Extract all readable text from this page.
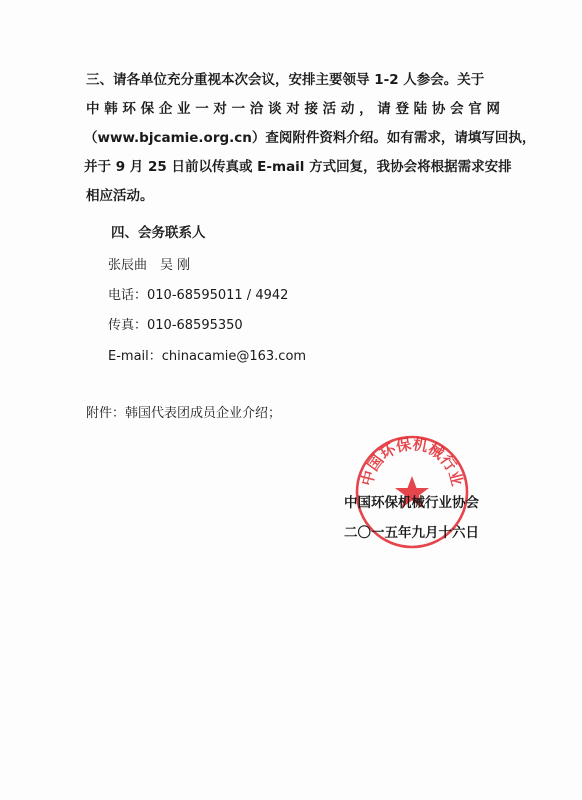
三、请各单位充分重视本次会议，安排主要领导 1-2 人参会。关于
中韩环保企业一对一洽谈对接活动，请登陆协会官网
（www.bjcamie.org.cn）查阅附件资料介绍。如有需求，请填写回执，
并于 9 月 25 日前以传真或 E-mail 方式回复，我协会将根据需求安排
相应活动。
四、会务联系人
张辰曲　吴 刚
电话：010-68595011 / 4942
传真：010-68595350
E-mail：chinacamie@163.com
附件：韩国代表团成员企业介绍；
中国环保机械行业
中国环保机械行业协会
二〇一五年九月十六日
